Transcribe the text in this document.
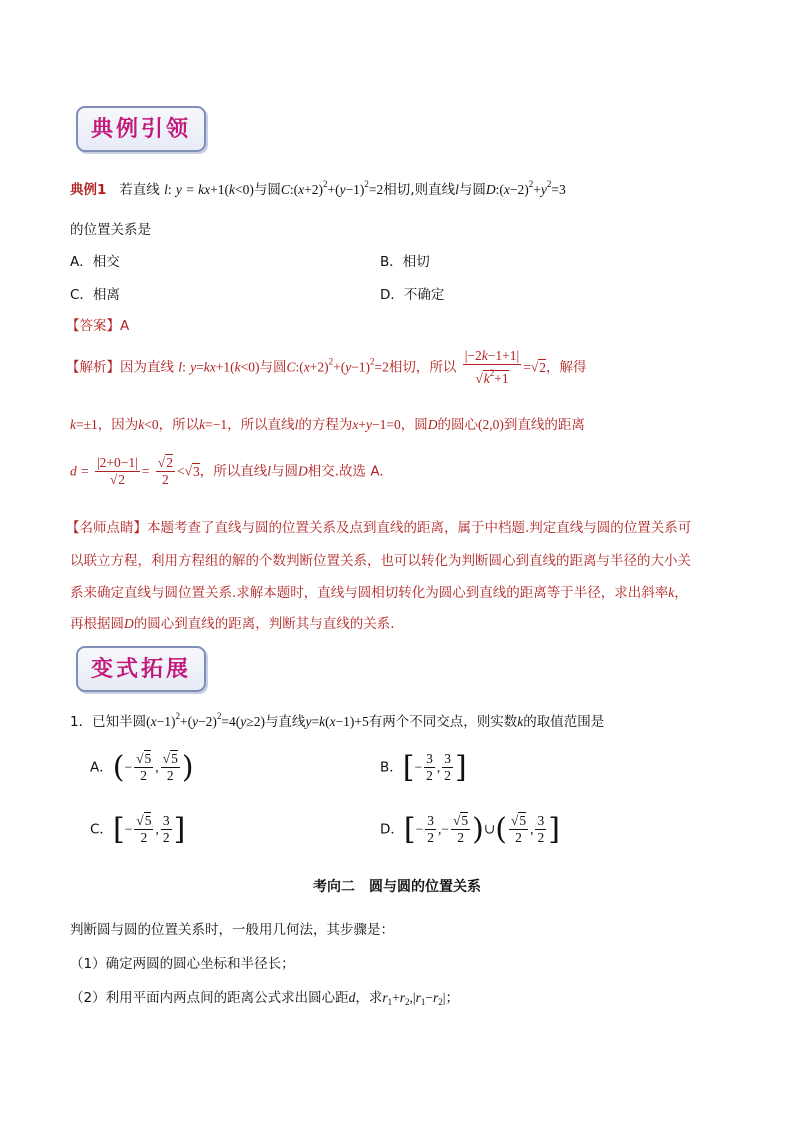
典例引领
典例1 若直线 l: y = kx+1(k<0)与圆$C:(x+2)^2+(y-1)^2=2$相切,则直线l与圆$D:(x-2)^2+y^2=3$
的位置关系是
A．相交	B．相切
C．相离	D．不确定
【答案】A
【解析】因为直线 l: y=kx+1(k<0)与圆$C:(x+2)^2+(y-1)^2=2$相切，所以 $\frac{|-2k-1+1|}{√k^2+1} =√2$，解得
k=±1，因为k<0，所以k=−1，所以直线l的方程为x+y−1=0，圆D的圆心(2,0)到直线的距离
$d = \frac{|2+0-1|}{√2} = \frac{√2}{2} <√3$，所以直线l与圆D相交.故选 A.
【名师点睛】本题考查了直线与圆的位置关系及点到直线的距离，属于中档题.判定直线与圆的位置关系可
以联立方程，利用方程组的解的个数判断位置关系，也可以转化为判断圆心到直线的距离与半径的大小关
系来确定直线与圆位置关系.求解本题时，直线与圆相切转化为圆心到直线的距离等于半径，求出斜率k，
再根据圆D的圆心到直线的距离，判断其与直线的关系.
变式拓展
1．已知半圆$(x-1)^2+(y-2)^2=4(y\ge 2)$与直线y=k(x−1)+5有两个不同交点，则实数k的取值范围是
A．(− $\frac{√5}{2}$ , $\frac{√5}{2}$ )	B．[− $\frac{3}{2}$ , $\frac{3}{2}$ ]
C．[− $\frac{√5}{2}$ , $\frac{3}{2}$ ]	D．[− $\frac{3}{2}$ ,− $\frac{√5}{2}$ )∪( $\frac{√5}{2}$ , $\frac{3}{2}$ ]
考向二　圆与圆的位置关系
判断圆与圆的位置关系时，一般用几何法，其步骤是：
（1）确定两圆的圆心坐标和半径长；
（2）利用平面内两点间的距离公式求出圆心距d，求$r_1+r_2,|r_1-r_2|$；
